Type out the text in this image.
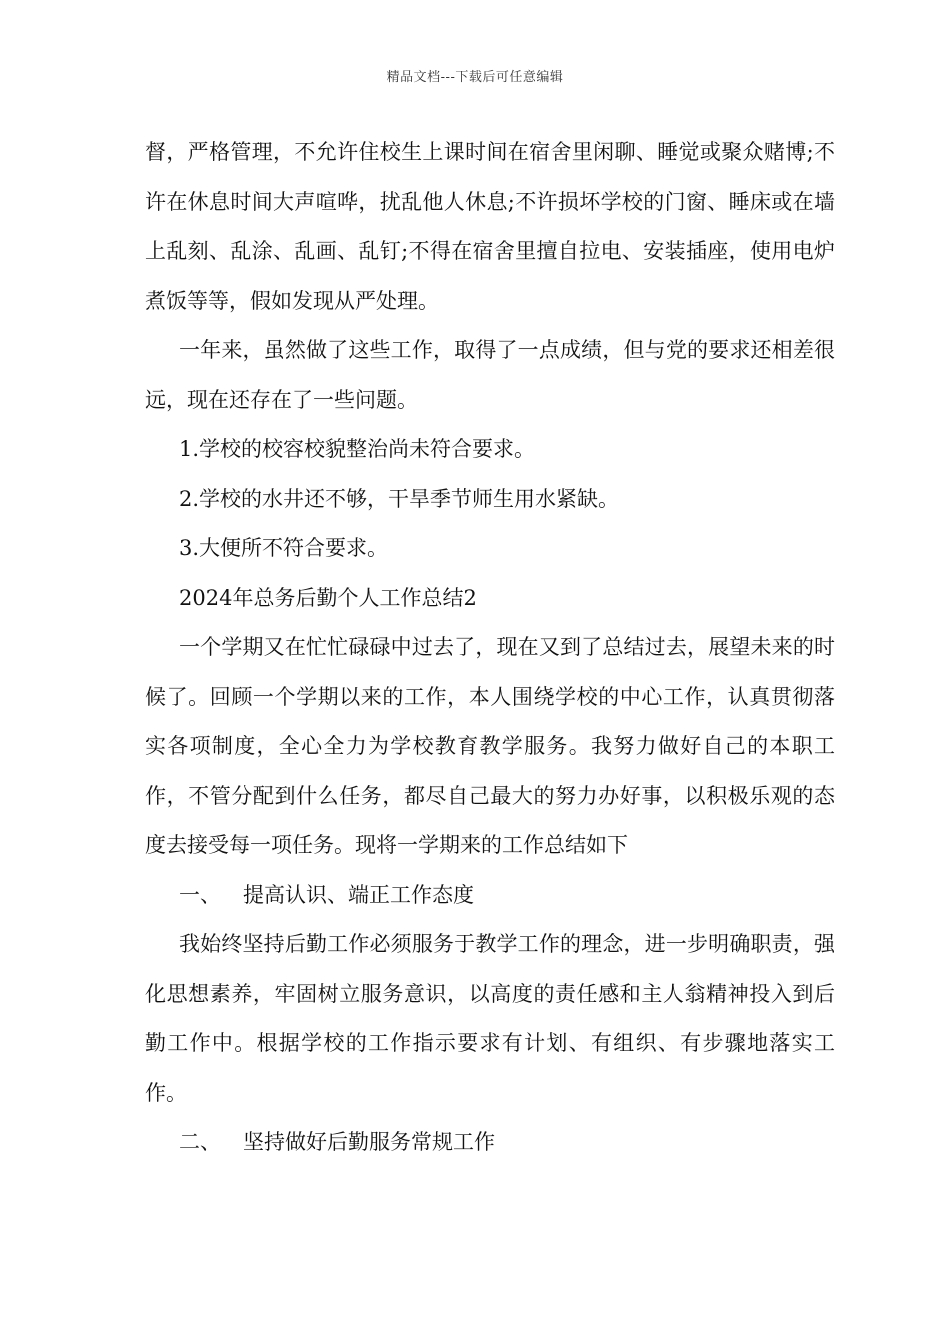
精品文档---下载后可任意编辑

督，严格管理，不允许住校生上课时间在宿舍里闲聊、睡觉或聚众赌博;不许在休息时间大声喧哗，扰乱他人休息;不许损坏学校的门窗、睡床或在墙上乱刻、乱涂、乱画、乱钉;不得在宿舍里擅自拉电、安装插座，使用电炉煮饭等等，假如发现从严处理。

一年来，虽然做了这些工作，取得了一点成绩，但与党的要求还相差很远，现在还存在了一些问题。

1.学校的校容校貌整治尚未符合要求。

2.学校的水井还不够，干旱季节师生用水紧缺。

3.大便所不符合要求。

2024年总务后勤个人工作总结2

一个学期又在忙忙碌碌中过去了，现在又到了总结过去，展望未来的时候了。回顾一个学期以来的工作，本人围绕学校的中心工作，认真贯彻落实各项制度，全心全力为学校教育教学服务。我努力做好自己的本职工作，不管分配到什么任务，都尽自己最大的努力办好事，以积极乐观的态度去接受每一项任务。现将一学期来的工作总结如下

一、 提高认识、端正工作态度

我始终坚持后勤工作必须服务于教学工作的理念，进一步明确职责，强化思想素养，牢固树立服务意识，以高度的责任感和主人翁精神投入到后勤工作中。根据学校的工作指示要求有计划、有组织、有步骤地落实工作。

二、 坚持做好后勤服务常规工作
